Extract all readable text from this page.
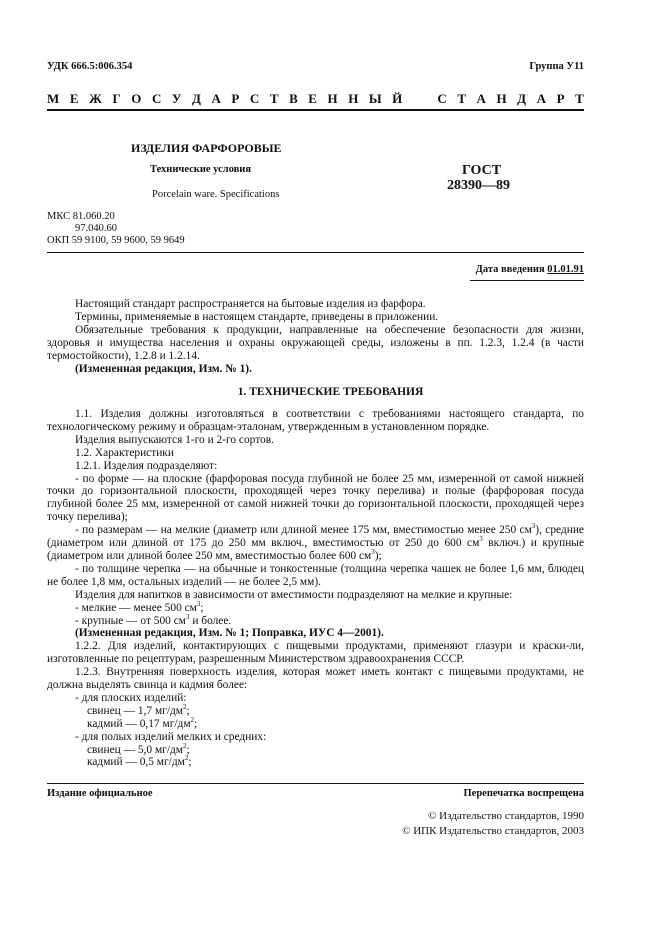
УДК 666.5:006.354	Группа У11
М Е Ж Г О С У Д А Р С Т В Е Н Н Ы Й	С Т А Н Д А Р Т
ИЗДЕЛИЯ ФАРФОРОВЫЕ
Технические условия
Porcelain ware. Specifications
ГОСТ
28390—89
МКС 81.060.20
97.040.60
ОКП 59 9100, 59 9600, 59 9649
Дата введения 01.01.91

Настоящий стандарт распространяется на бытовые изделия из фарфора.

Термины, применяемые в настоящем стандарте, приведены в приложении.

Обязательные требования к продукции, направленные на обеспечение безопасности для жизни, здоровья и имущества населения и охраны окружающей среды, изложены в пп. 1.2.3, 1.2.4 (в части термостойкости), 1.2.8 и 1.2.14.

(Измененная редакция, Изм. № 1).

1. ТЕХНИЧЕСКИЕ ТРЕБОВАНИЯ

1.1. Изделия должны изготовляться в соответствии с требованиями настоящего стандарта, по технологическому режиму и образцам-эталонам, утвержденным в установленном порядке.

Изделия выпускаются 1-го и 2-го сортов.

1.2. Характеристики

1.2.1. Изделия подразделяют:

- по форме — на плоские (фарфоровая посуда глубиной не более 25 мм, измеренной от самой нижней точки до горизонтальной плоскости, проходящей через точку перелива) и полые (фарфоровая посуда глубиной более 25 мм, измеренной от самой нижней точки до горизонтальной плоскости, проходящей через точку перелива);

- по размерам — на мелкие (диаметр или длиной менее 175 мм, вместимостью менее 250 $см^3$), средние (диаметром или длиной от 175 до 250 мм включ., вместимостью от 250 до 600 $см^3$ включ.) и крупные (диаметром или длиной более 250 мм, вместимостью более 600 $см^3$);

- по толщине черепка — на обычные и тонкостенные (толщина черепка чашек не более 1,6 мм, блюдец не более 1,8 мм, остальных изделий — не более 2,5 мм).

Изделия для напитков в зависимости от вместимости подразделяют на мелкие и крупные:

- мелкие — менее 500 $см^3$;

- крупные — от 500 $см^3$ и более.

(Измененная редакция, Изм. № 1; Поправка, ИУС 4—2001).

1.2.2. Для изделий, контактирующих с пищевыми продуктами, применяют глазури и краски-ли, изготовленные по рецептурам, разрешенным Министерством здравоохранения СССР.

1.2.3. Внутренняя поверхность изделия, которая может иметь контакт с пищевыми продуктами, не должна выделять свинца и кадмия более:

- для плоских изделий:

свинец — 1,7 $мг/дм^2$;

кадмий — 0,17 $мг/дм^2$;

- для полых изделий мелких и средних:

свинец — 5,0 $мг/дм^2$;

кадмий — 0,5 $мг/дм^2$;

Издание официальное	Перепечатка воспрещена
© Издательство стандартов, 1990
© ИПК Издательство стандартов, 2003
